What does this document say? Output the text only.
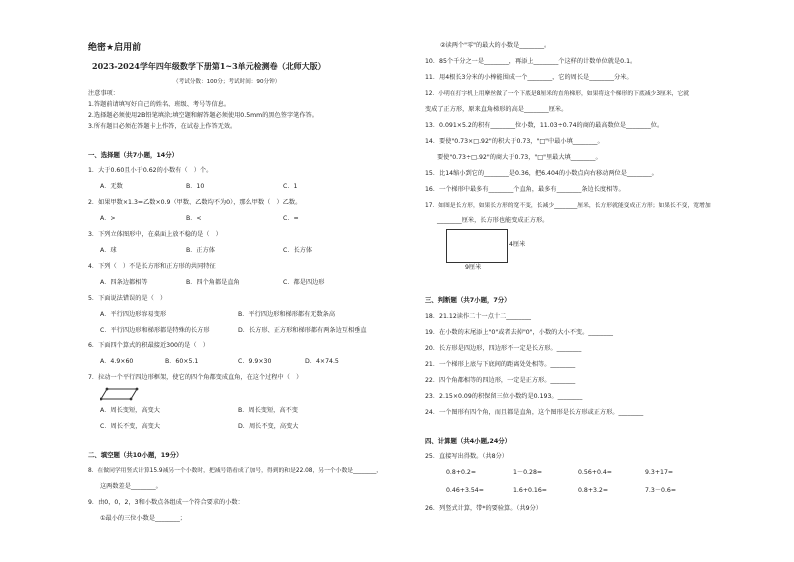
绝密★启用前
2023-2024学年四年级数学下册第1~3单元检测卷（北师大版）
（考试分数：100分；考试时间：90分钟）
注意事项：
1.答题前请填写好自己的姓名、班级、考号等信息。
2.选择题必须使用2B铅笔填涂;填空题和解答题必须使用0.5mm的黑色签字笔作答。
3.所有题目必须在答题卡上作答，在试卷上作答无效。
一、选择题（共7小题，14分）
1．大于0.60且小于0.62的小数有（　）个。
A．无数	B．10	C．1
2．如果甲数×1.3=乙数×0.9（甲数、乙数均不为0），那么甲数（　）乙数。
A．>	B．<	C．=
3．下列立体图形中，在桌面上放不稳的是（　）
A．球	B．正方体	C．长方体
4．下列（　）不是长方形和正方形的共同特征
A．四条边都相等	B．四个角都是直角	C．都是四边形
5．下面说法错误的是（　）
A．平行四边形容易变形	B．平行四边形和梯形都有无数条高
C．平行四边形和梯形都是特殊的长方形	D．长方形、正方形和梯形都有两条边互相垂直
6．下面四个算式的积最接近300的是（　）
A．4.9×60	B．60×5.1	C．9.9×30	D．4×74.5
7．拉动一个平行四边形框架，使它的四个角都变成直角，在这个过程中（　）
A．周长变短，高变大	B．周长变短，高不变
C．周长不变，高变大	D．周长不变，高变大
二、填空题（共10小题，19分）
8．在做同学用竖式计算15.9减另一个小数时，把减号错看成了加号，得到的和是22.08，另一个小数是________，
这两数差是________。
9．由0，0，2，3和小数点各组成一个符合要求的小数：
①最小的三位小数是________；
②读两个"零"的最大的小数是________。
10．85个千分之一是________，再添上________个这样的计数单位就是0.1。
11．用4根长3分米的小棒能围成一个________，它的周长是________分米。
12．小明在打字机上用摩丝做了一个下底是8厘米的直角梯形，如果将这个梯形的下底减少3厘米，它就
变成了正方形，原来直角梯形的高是________厘米。
13．0.091×5.2的积有________位小数，11.03÷0.74的商的最高数位是________位。
14．要使"0.73×□.92"的积大于0.73，"□"中最小填________。
要使"0.73÷□.92"的商大于0.73，"□"里最大填________。
15．比14缩小到它的________是0.36，把6.404的小数点向右移动两位是________。
16．一个梯形中最多有________个直角，最多有________条边长度相等。
17．如图是长方形，如果长方形的宽不变，长减少________厘米，长方形就能变成正方形；如果长不变，宽增加
________厘米，长方形也能变成正方形。
4厘米
9厘米
三、判断题（共7小题，7分）
18．21.12读作二十一点十二________
19．在小数的末尾添上"0"或者去掉"0"，小数的大小不变。________
20．长方形是四边形，四边形不一定是长方形。________
21．一个梯形上底与下底间的距离处处相等。________
22．四个角都相等的四边形，一定是正方形。________
23．2.15×0.09的积保留三位小数约是0.193。________
24．一个图形有四个角，而且都是直角，这个图形是长方形或正方形。________
四、计算题（共4小题,24分）
25．直接写出得数。（共8分）
0.8+0.2=	1－0.28=	0.56+0.4=	9.3+17=
0.46+3.54=	1.6+0.16=	0.8+3.2=	7.3－0.6=
26．列竖式计算，带*的要验算。（共9分）
